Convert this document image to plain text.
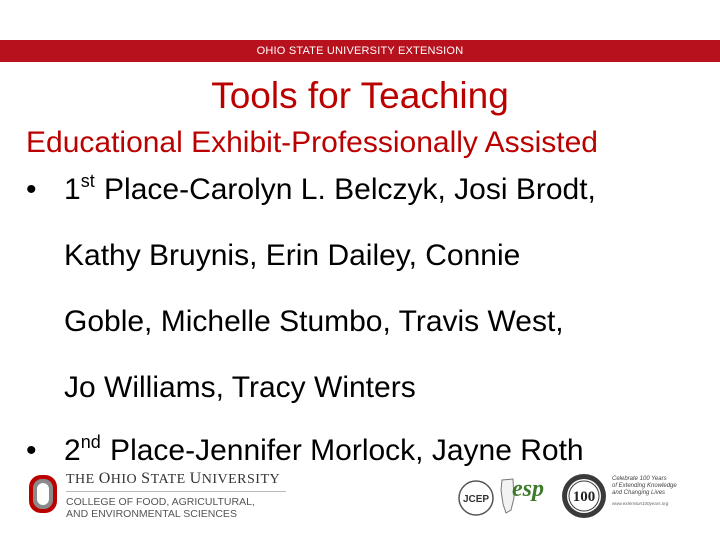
OHIO STATE UNIVERSITY EXTENSION
Tools for Teaching
Educational Exhibit-Professionally Assisted
• 1st Place-Carolyn L. Belczyk, Josi Brodt,
Kathy Bruynis, Erin Dailey, Connie
Goble, Michelle Stumbo, Travis West,
Jo Williams, Tracy Winters
• 2nd Place-Jennifer Morlock, Jayne Roth
THE OHIO STATE UNIVERSITY
COLLEGE OF FOOD, AGRICULTURAL,
AND ENVIRONMENTAL SCIENCES
JCEP esp 100
Celebrate 100 Years
of Extending Knowledge
and Changing Lives
www.extension100years.org
